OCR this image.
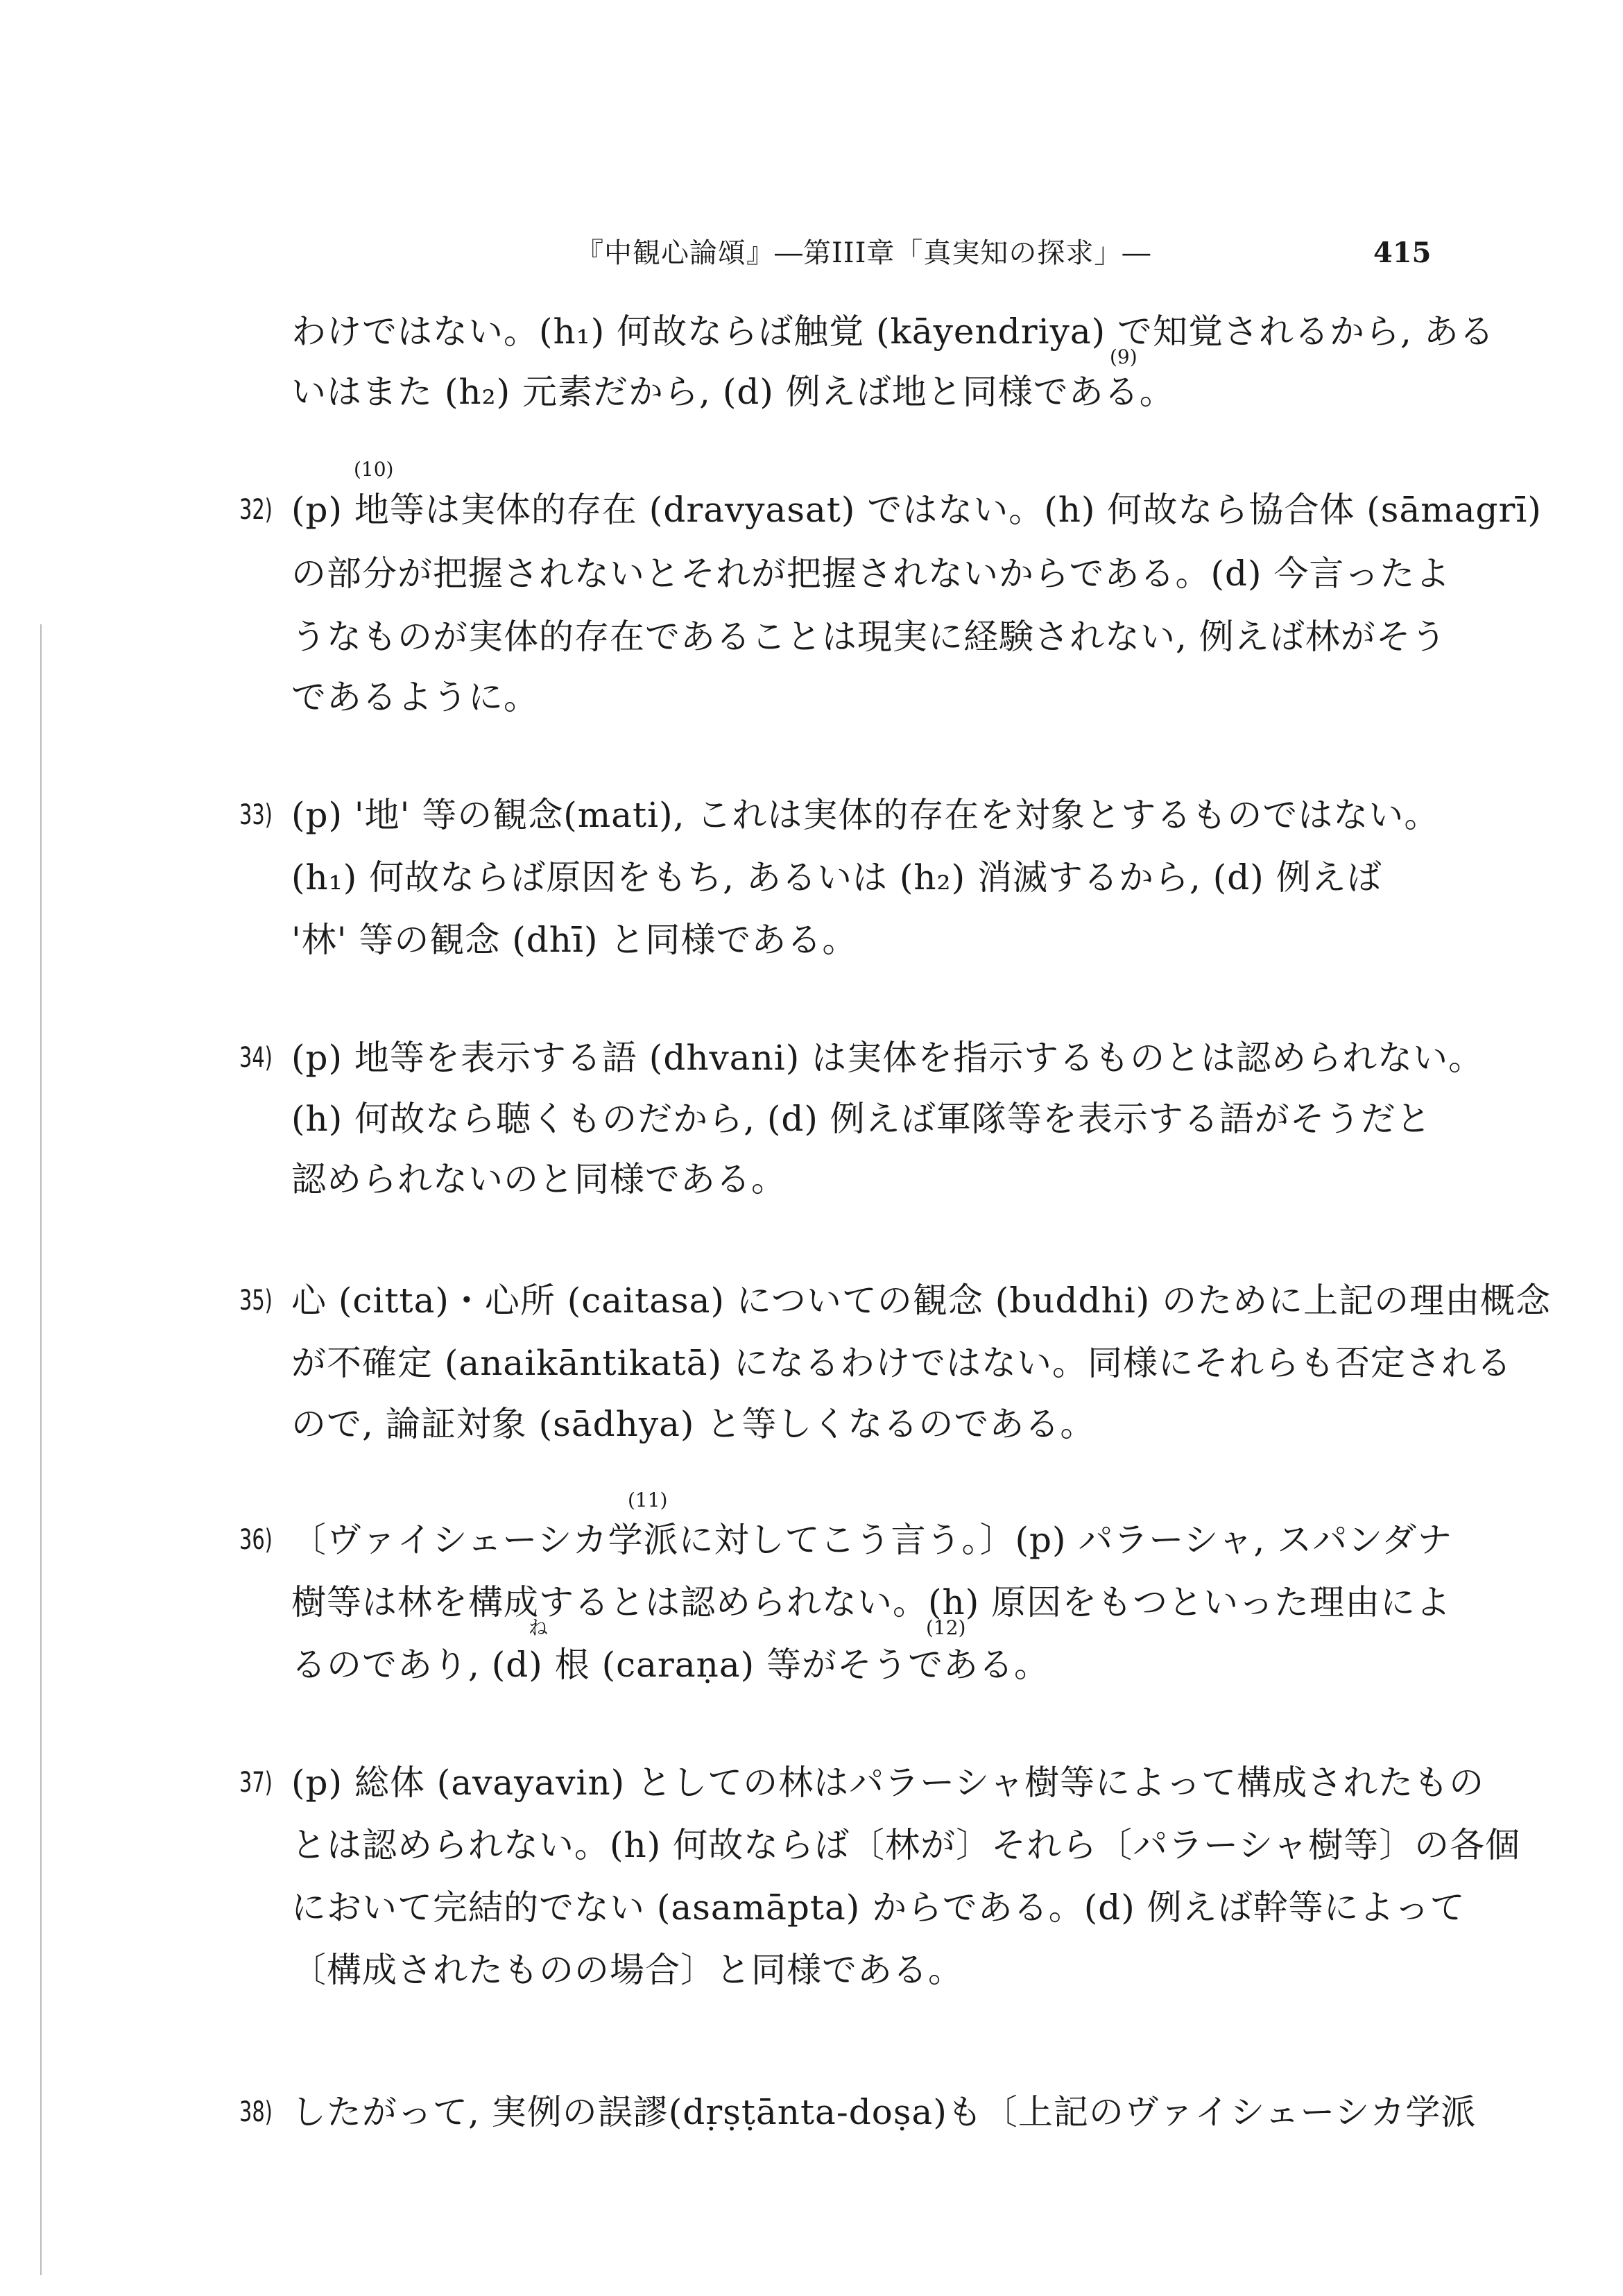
『中観心論頌』―第III章「真実知の探求」―	415
わけではない。(h₁) 何故ならば触覚 (kāyendriya) で知覚されるから, ある
(9)
いはまた (h₂) 元素だから, (d) 例えば地と同様である。
32)
(10)
(p) 地等は実体的存在 (dravyasat) ではない。(h) 何故なら協合体 (sāmagrī)
の部分が把握されないとそれが把握されないからである。(d) 今言ったよ
うなものが実体的存在であることは現実に経験されない, 例えば林がそう
であるように。
33) (p) '地' 等の観念(mati), これは実体的存在を対象とするものではない。
(h₁) 何故ならば原因をもち, あるいは (h₂) 消滅するから, (d) 例えば
'林' 等の観念 (dhī) と同様である。
34) (p) 地等を表示する語 (dhvani) は実体を指示するものとは認められない。
(h) 何故なら聴くものだから, (d) 例えば軍隊等を表示する語がそうだと
認められないのと同様である。
35) 心 (citta)・心所 (caitasa) についての観念 (buddhi) のために上記の理由概念
が不確定 (anaikāntikatā) になるわけではない。同様にそれらも否定される
ので, 論証対象 (sādhya) と等しくなるのである。
36)
(11)
〔ヴァイシェーシカ学派に対してこう言う。〕(p) パラーシャ, スパンダナ
樹等は林を構成するとは認められない。(h) 原因をもつといった理由によ
ね	(12)
るのであり, (d) 根 (caraṇa) 等がそうである。
37) (p) 総体 (avayavin) としての林はパラーシャ樹等によって構成されたもの
とは認められない。(h) 何故ならば〔林が〕それら〔パラーシャ樹等〕の各個
において完結的でない (asamāpta) からである。(d) 例えば幹等によって
〔構成されたものの場合〕と同様である。
38) したがって, 実例の誤謬(dṛṣṭānta-doṣa)も〔上記のヴァイシェーシカ学派
